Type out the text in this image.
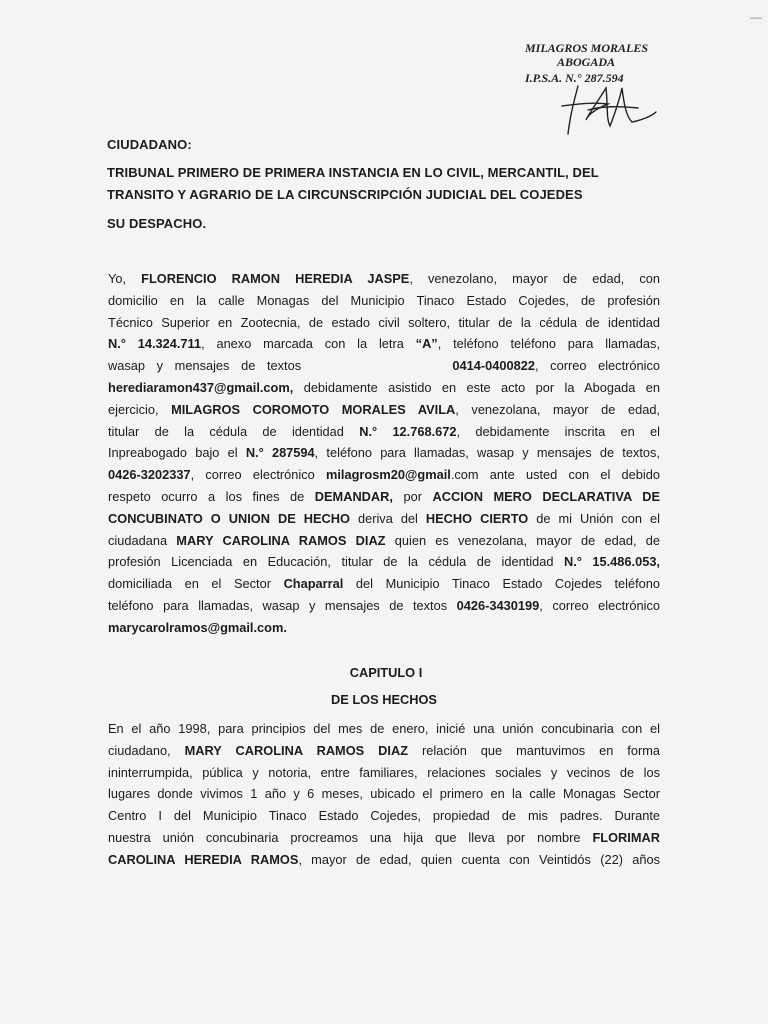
—
MILAGROS MORALES
ABOGADA
I.P.S.A. N.° 287.594
CIUDADANO:
TRIBUNAL PRIMERO DE PRIMERA INSTANCIA EN LO CIVIL, MERCANTIL, DEL
TRANSITO Y AGRARIO DE LA CIRCUNSCRIPCIÓN JUDICIAL DEL COJEDES
SU DESPACHO.
Yo, FLORENCIO RAMON HEREDIA JASPE, venezolano, mayor de edad, con
domicilio en la calle Monagas del Municipio Tinaco Estado Cojedes, de profesión
Técnico Superior en Zootecnia, de estado civil soltero, titular de la cédula de identidad
N.° 14.324.711, anexo marcada con la letra “A”, teléfono teléfono para llamadas,
wasap y mensajes de textos	0414-0400822, correo electrónico
herediaramon437@gmail.com, debidamente asistido en este acto por la Abogada en
ejercicio, MILAGROS COROMOTO MORALES AVILA, venezolana, mayor de edad,
titular de la cédula de identidad N.° 12.768.672, debidamente inscrita en el
Inpreabogado bajo el N.° 287594, teléfono para llamadas, wasap y mensajes de textos,
0426-3202337, correo electrónico milagrosm20@gmail.com ante usted con el debido
respeto ocurro a los fines de DEMANDAR, por ACCION MERO DECLARATIVA DE
CONCUBINATO O UNION DE HECHO deriva del HECHO CIERTO de mi Unión con el
ciudadana MARY CAROLINA RAMOS DIAZ quien es venezolana, mayor de edad, de
profesión Licenciada en Educación, titular de la cédula de identidad N.° 15.486.053,
domiciliada en el Sector Chaparral del Municipio Tinaco Estado Cojedes teléfono
teléfono para llamadas, wasap y mensajes de textos 0426-3430199, correo electrónico
marycarolramos@gmail.com.
CAPITULO I
DE LOS HECHOS
En el año 1998, para principios del mes de enero, inicié una unión concubinaria con el
ciudadano, MARY CAROLINA RAMOS DIAZ relación que mantuvimos en forma
ininterrumpida, pública y notoria, entre familiares, relaciones sociales y vecinos de los
lugares donde vivimos 1 año y 6 meses, ubicado el primero en la calle Monagas Sector
Centro I del Municipio Tinaco Estado Cojedes, propiedad de mis padres. Durante
nuestra unión concubinaria procreamos una hija que lleva por nombre FLORIMAR
CAROLINA HEREDIA RAMOS, mayor de edad, quien cuenta con Veintidós (22) años
